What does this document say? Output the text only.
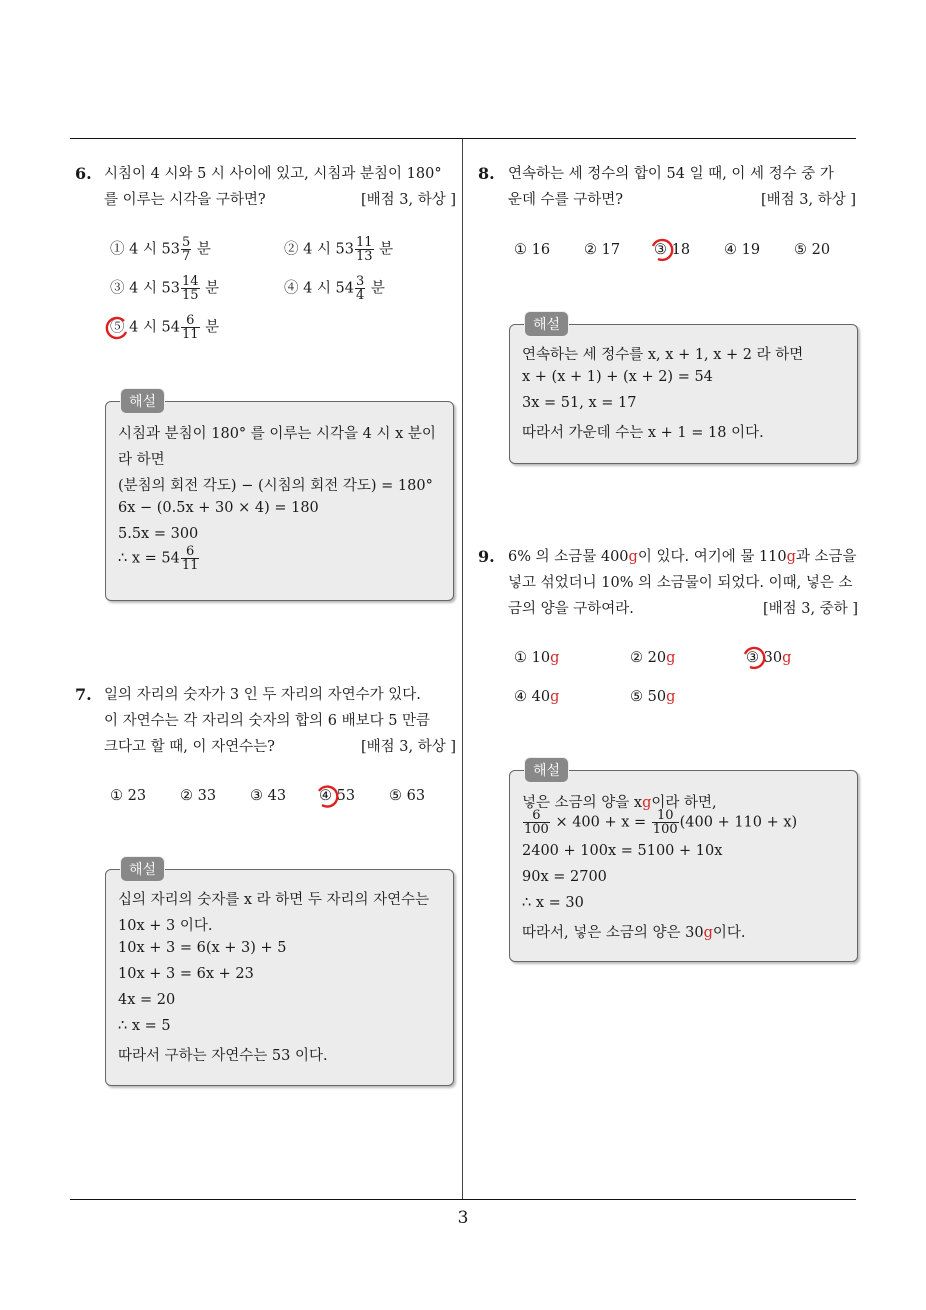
3
6. 시침이 4 시와 5 시 사이에 있고, 시침과 분침이 180°
를 이루는 시각을 구하면?	[배점 3, 하상 ]
① 4 시 $53 \frac{5}{7}$ 분	② 4 시 $53 \frac{11}{13}$ 분
③ 4 시 $53 \frac{14}{15}$ 분	④ 4 시 $54 \frac{3}{4}$ 분
⑤ 4 시 $54 \frac{6}{11}$ 분
해설
시침과 분침이 180° 를 이루는 시각을 4 시 x 분이
라 하면
(분침의 회전 각도) − (시침의 회전 각도) = 180°
6x − (0.5x + 30 × 4) = 180
5.5x = 300
∴ $x = 54 \frac{6}{11}$
7. 일의 자리의 숫자가 3 인 두 자리의 자연수가 있다.
이 자연수는 각 자리의 숫자의 합의 6 배보다 5 만큼
크다고 할 때, 이 자연수는?	[배점 3, 하상 ]
① 23 ② 33 ③ 43 ④ 53 ⑤ 63
해설
십의 자리의 숫자를 x 라 하면 두 자리의 자연수는
10x + 3 이다.
10x + 3 = 6(x + 3) + 5
10x + 3 = 6x + 23
4x = 20
∴ x = 5
따라서 구하는 자연수는 53 이다.
8. 연속하는 세 정수의 합이 54 일 때, 이 세 정수 중 가
운데 수를 구하면?	[배점 3, 하상 ]
① 16 ② 17 ③ 18 ④ 19 ⑤ 20
해설
연속하는 세 정수를 x, x + 1, x + 2 라 하면
x + (x + 1) + (x + 2) = 54
3x = 51, x = 17
따라서 가운데 수는 x + 1 = 18 이다.
9. 6% 의 소금물 400g이 있다. 여기에 물 110g과 소금을
넣고 섞었더니 10% 의 소금물이 되었다. 이때, 넣은 소
금의 양을 구하여라.	[배점 3, 중하 ]
① 10g	② 20g	③ 30g
④ 40g	⑤ 50g
해설
넣은 소금의 양을 xg이라 하면,
$\frac{6}{100} \times 400 + x = \frac{10}{100} (400 + 110 + x)$
2400 + 100x = 5100 + 10x
90x = 2700
∴ x = 30
따라서, 넣은 소금의 양은 30g이다.
